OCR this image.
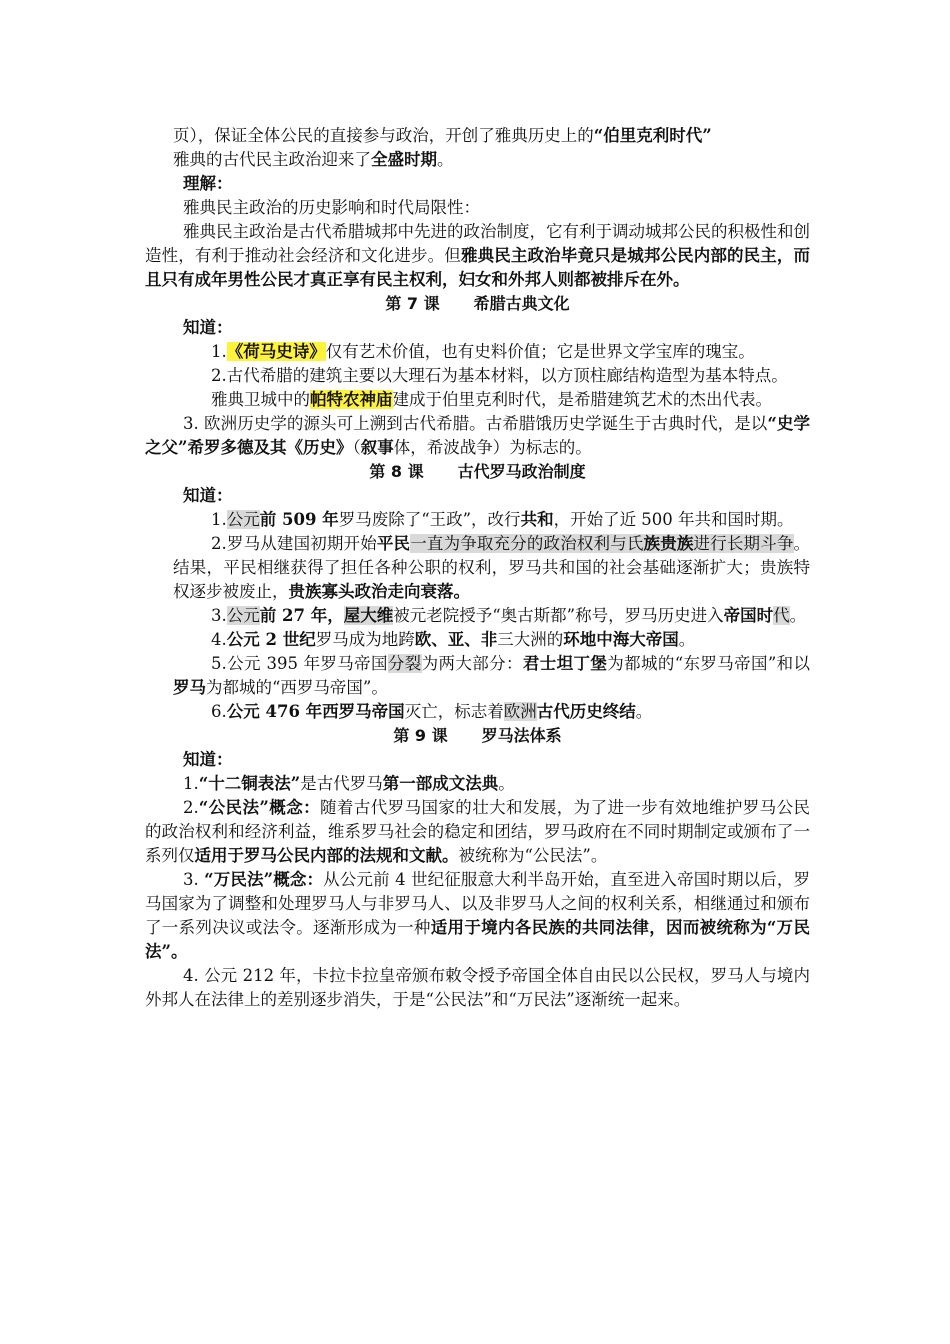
页），保证全体公民的直接参与政治，开创了雅典历史上的“伯里克利时代”

雅典的古代民主政治迎来了全盛时期。

理解：

雅典民主政治的历史影响和时代局限性：

雅典民主政治是古代希腊城邦中先进的政治制度，它有利于调动城邦公民的积极性和创造性，有利于推动社会经济和文化进步。但雅典民主政治毕竟只是城邦公民内部的民主，而且只有成年男性公民才真正享有民主权利，妇女和外邦人则都被排斥在外。

第 7 课 希腊古典文化

知道：

1.《荷马史诗》仅有艺术价值，也有史料价值；它是世界文学宝库的瑰宝。

2.古代希腊的建筑主要以大理石为基本材料，以方顶柱廊结构造型为基本特点。

雅典卫城中的帕特农神庙建成于伯里克利时代，是希腊建筑艺术的杰出代表。

3. 欧洲历史学的源头可上溯到古代希腊。古希腊饿历史学诞生于古典时代，是以“史学之父”希罗多德及其《历史》（叙事体，希波战争）为标志的。

第 8 课 古代罗马政治制度

知道：

1.公元前 509 年罗马废除了“王政”，改行共和，开始了近 500 年共和国时期。

2.罗马从建国初期开始平民一直为争取充分的政治权利与氏族贵族进行长期斗争。结果，平民相继获得了担任各种公职的权利，罗马共和国的社会基础逐渐扩大；贵族特权逐步被废止，贵族寡头政治走向衰落。

3.公元前 27 年，屋大维被元老院授予“奥古斯都”称号，罗马历史进入帝国时代。

4.公元 2 世纪罗马成为地跨欧、亚、非三大洲的环地中海大帝国。

5.公元 395 年罗马帝国分裂为两大部分：君士坦丁堡为都城的“东罗马帝国”和以罗马为都城的“西罗马帝国”。

6.公元 476 年西罗马帝国灭亡，标志着欧洲古代历史终结。

第 9 课 罗马法体系

知道：

1.“十二铜表法”是古代罗马第一部成文法典。

2.“公民法”概念：随着古代罗马国家的壮大和发展，为了进一步有效地维护罗马公民的政治权利和经济利益，维系罗马社会的稳定和团结，罗马政府在不同时期制定或颁布了一系列仅适用于罗马公民内部的法规和文献。被统称为“公民法”。

3. “万民法”概念：从公元前 4 世纪征服意大利半岛开始，直至进入帝国时期以后，罗马国家为了调整和处理罗马人与非罗马人、以及非罗马人之间的权利关系，相继通过和颁布了一系列决议或法令。逐渐形成为一种适用于境内各民族的共同法律，因而被统称为“万民法”。

4. 公元 212 年，卡拉卡拉皇帝颁布敕令授予帝国全体自由民以公民权，罗马人与境内外邦人在法律上的差别逐步消失，于是“公民法”和“万民法”逐渐统一起来。
